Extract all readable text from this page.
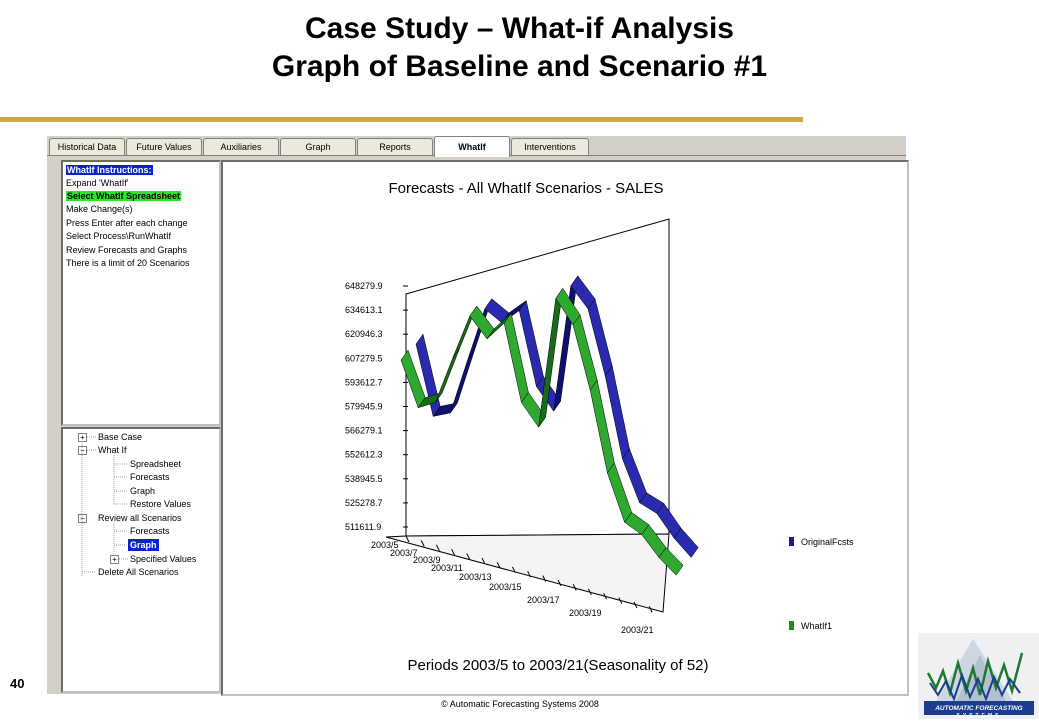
Case Study – What-if Analysis
Graph of Baseline and Scenario #1
Historical Data	Future Values	Auxiliaries	Graph	Reports	WhatIf	Interventions
WhatIf Instructions:
Expand 'WhatIf'
Select WhatIf Spreadsheet
Make Change(s)
Press Enter after each change
Select Process\RunWhatIf
Review Forecasts and Graphs
There is a limit of 20 Scenarios
+ Base Case
− What If
Spreadsheet
Forecasts
Graph
Restore Values
− Review all Scenarios
Forecasts
Graph
+ Specified Values
Delete All Scenarios
Forecasts - All WhatIf Scenarios - SALES
648279.9
634613.1
620946.3
607279.5
593612.7
579945.9
566279.1
552612.3
538945.5
525278.7
511611.9
2003/5
2003/7
2003/9
2003/11
2003/13
2003/15
2003/17
2003/19
2003/21
OriginalFcsts
WhatIf1
Periods 2003/5 to 2003/21(Seasonality of 52)
40
© Automatic Forecasting Systems 2008	AUTOMATIC FORECASTING
SYSTEMS
